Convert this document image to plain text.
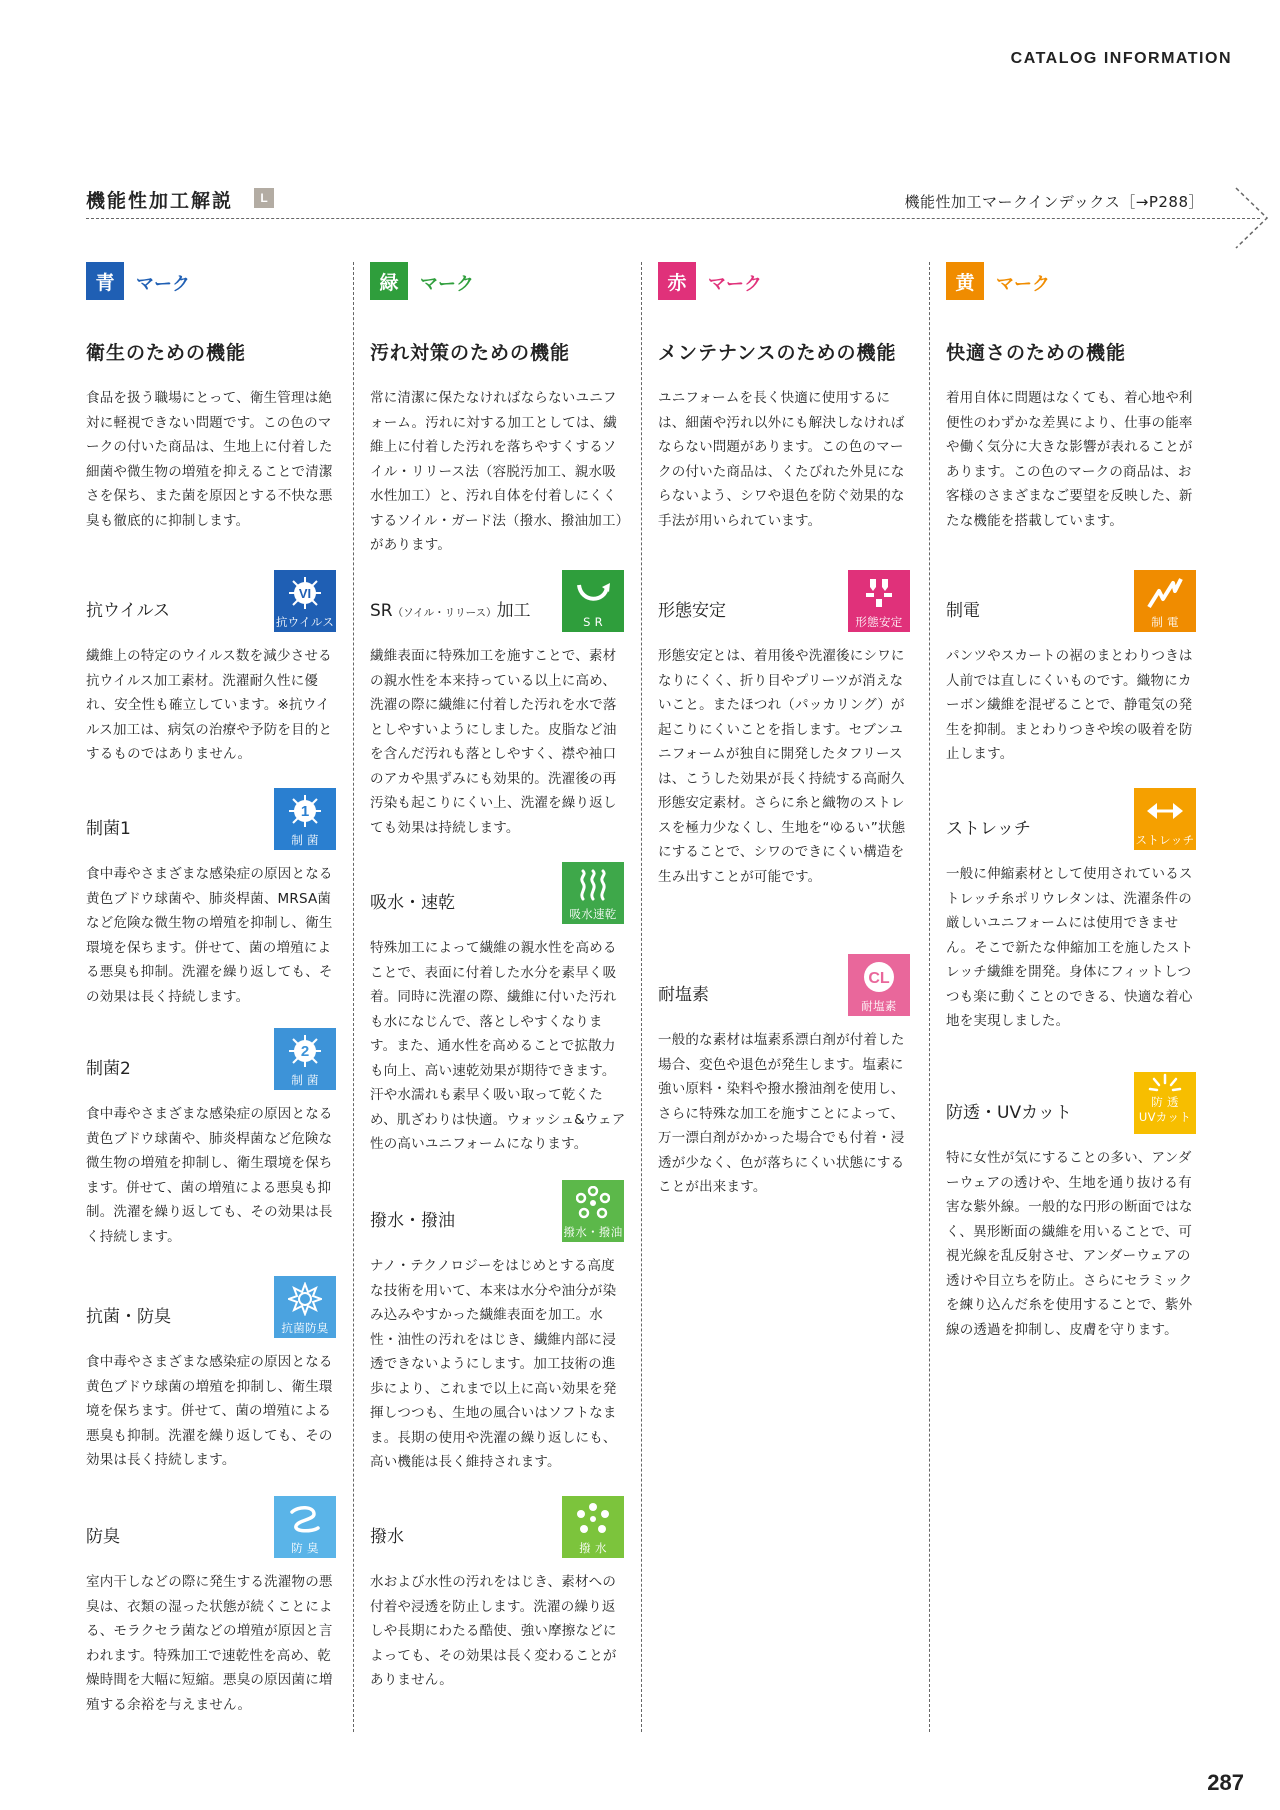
CATALOG INFORMATION
機能性加工解説	L	機能性加工マークインデックス［→P288］
青	マーク
衛生のための機能
食品を扱う職場にとって、衛生管理は絶対に軽視できない問題です。この色のマークの付いた商品は、生地上に付着した細菌や微生物の増殖を抑えることで清潔さを保ち、また菌を原因とする不快な悪臭も徹底的に抑制します。
抗ウイルス
VI
抗ウイルス
繊維上の特定のウイルス数を減少させる抗ウイルス加工素材。洗濯耐久性に優れ、安全性も確立しています。※抗ウイルス加工は、病気の治療や予防を目的とするものではありません。
制菌1
1
制 菌
食中毒やさまざまな感染症の原因となる黄色ブドウ球菌や、肺炎桿菌、MRSA菌など危険な微生物の増殖を抑制し、衛生環境を保ちます。併せて、菌の増殖による悪臭も抑制。洗濯を繰り返しても、その効果は長く持続します。
制菌2
2
制 菌
食中毒やさまざまな感染症の原因となる黄色ブドウ球菌や、肺炎桿菌など危険な微生物の増殖を抑制し、衛生環境を保ちます。併せて、菌の増殖による悪臭も抑制。洗濯を繰り返しても、その効果は長く持続します。
抗菌・防臭
抗菌防臭
食中毒やさまざまな感染症の原因となる黄色ブドウ球菌の増殖を抑制し、衛生環境を保ちます。併せて、菌の増殖による悪臭も抑制。洗濯を繰り返しても、その効果は長く持続します。
防臭
防 臭
室内干しなどの際に発生する洗濯物の悪臭は、衣類の湿った状態が続くことによる、モラクセラ菌などの増殖が原因と言われます。特殊加工で速乾性を高め、乾燥時間を大幅に短縮。悪臭の原因菌に増殖する余裕を与えません。
緑	マーク
汚れ対策のための機能
常に清潔に保たなければならないユニフォーム。汚れに対する加工としては、繊維上に付着した汚れを落ちやすくするソイル・リリース法（容脱汚加工、親水吸水性加工）と、汚れ自体を付着しにくくするソイル・ガード法（撥水、撥油加工）があります。
SR（ソイル・リリース）加工
S R
繊維表面に特殊加工を施すことで、素材の親水性を本来持っている以上に高め、洗濯の際に繊維に付着した汚れを水で落としやすいようにしました。皮脂など油を含んだ汚れも落としやすく、襟や袖口のアカや黒ずみにも効果的。洗濯後の再汚染も起こりにくい上、洗濯を繰り返しても効果は持続します。
吸水・速乾
吸水速乾
特殊加工によって繊維の親水性を高めることで、表面に付着した水分を素早く吸着。同時に洗濯の際、繊維に付いた汚れも水になじんで、落としやすくなります。また、通水性を高めることで拡散力も向上、高い速乾効果が期待できます。汗や水濡れも素早く吸い取って乾くため、肌ざわりは快適。ウォッシュ&ウェア性の高いユニフォームになります。
撥水・撥油
撥水・撥油
ナノ・テクノロジーをはじめとする高度な技術を用いて、本来は水分や油分が染み込みやすかった繊維表面を加工。水性・油性の汚れをはじき、繊維内部に浸透できないようにします。加工技術の進歩により、これまで以上に高い効果を発揮しつつも、生地の風合いはソフトなまま。長期の使用や洗濯の繰り返しにも、高い機能は長く維持されます。
撥水
撥 水
水および水性の汚れをはじき、素材への付着や浸透を防止します。洗濯の繰り返しや長期にわたる酷使、強い摩擦などによっても、その効果は長く変わることがありません。
赤	マーク
メンテナンスのための機能
ユニフォームを長く快適に使用するには、細菌や汚れ以外にも解決しなければならない問題があります。この色のマークの付いた商品は、くたびれた外見にならないよう、シワや退色を防ぐ効果的な手法が用いられています。
形態安定
形態安定
形態安定とは、着用後や洗濯後にシワになりにくく、折り目やプリーツが消えないこと。またほつれ（パッカリング）が起こりにくいことを指します。セブンユニフォームが独自に開発したタフリースは、こうした効果が長く持続する高耐久形態安定素材。さらに糸と織物のストレスを極力少なくし、生地を“ゆるい”状態にすることで、シワのできにくい構造を生み出すことが可能です。
耐塩素
CL
耐塩素
一般的な素材は塩素系漂白剤が付着した場合、変色や退色が発生します。塩素に強い原料・染料や撥水撥油剤を使用し、さらに特殊な加工を施すことによって、万一漂白剤がかかった場合でも付着・浸透が少なく、色が落ちにくい状態にすることが出来ます。
黄	マーク
快適さのための機能
着用自体に問題はなくても、着心地や利便性のわずかな差異により、仕事の能率や働く気分に大きな影響が表れることがあります。この色のマークの商品は、お客様のさまざまなご要望を反映した、新たな機能を搭載しています。
制電
制 電
パンツやスカートの裾のまとわりつきは人前では直しにくいものです。織物にカーボン繊維を混ぜることで、静電気の発生を抑制。まとわりつきや埃の吸着を防止します。
ストレッチ
ストレッチ
一般に伸縮素材として使用されているストレッチ糸ポリウレタンは、洗濯条件の厳しいユニフォームには使用できません。そこで新たな伸縮加工を施したストレッチ繊維を開発。身体にフィットしつつも楽に動くことのできる、快適な着心地を実現しました。
防透・UVカット
防 透
UVカット
特に女性が気にすることの多い、アンダーウェアの透けや、生地を通り抜ける有害な紫外線。一般的な円形の断面ではなく、異形断面の繊維を用いることで、可視光線を乱反射させ、アンダーウェアの透けや目立ちを防止。さらにセラミックを練り込んだ糸を使用することで、紫外線の透過を抑制し、皮膚を守ります。
287
